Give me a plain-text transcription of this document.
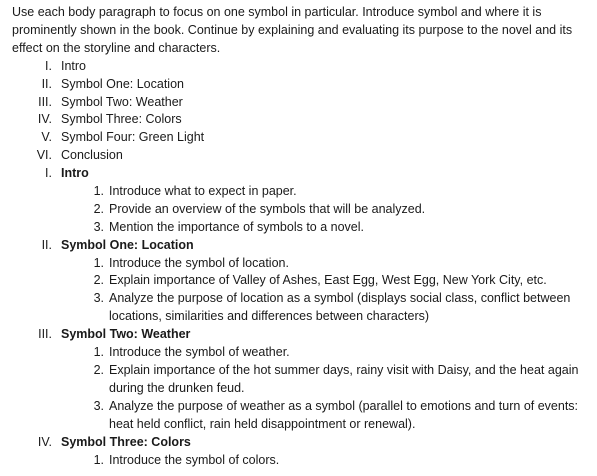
Use each body paragraph to focus on one symbol in particular. Introduce symbol and where it is prominently shown in the book. Continue by explaining and evaluating its purpose to the novel and its effect on the storyline and characters.

I. Intro
II. Symbol One: Location
III. Symbol Two: Weather
IV. Symbol Three: Colors
V. Symbol Four: Green Light
VI. Conclusion
I. Intro
1. Introduce what to expect in paper.
2. Provide an overview of the symbols that will be analyzed.
3. Mention the importance of symbols to a novel.
II. Symbol One: Location
1. Introduce the symbol of location.
2. Explain importance of Valley of Ashes, East Egg, West Egg, New York City, etc.
3. Analyze the purpose of location as a symbol (displays social class, conflict between locations, similarities and differences between characters)
III. Symbol Two: Weather
1. Introduce the symbol of weather.
2. Explain importance of the hot summer days, rainy visit with Daisy, and the heat again during the drunken feud.
3. Analyze the purpose of weather as a symbol (parallel to emotions and turn of events: heat held conflict, rain held disappointment or renewal).
IV. Symbol Three: Colors
1. Introduce the symbol of colors.
